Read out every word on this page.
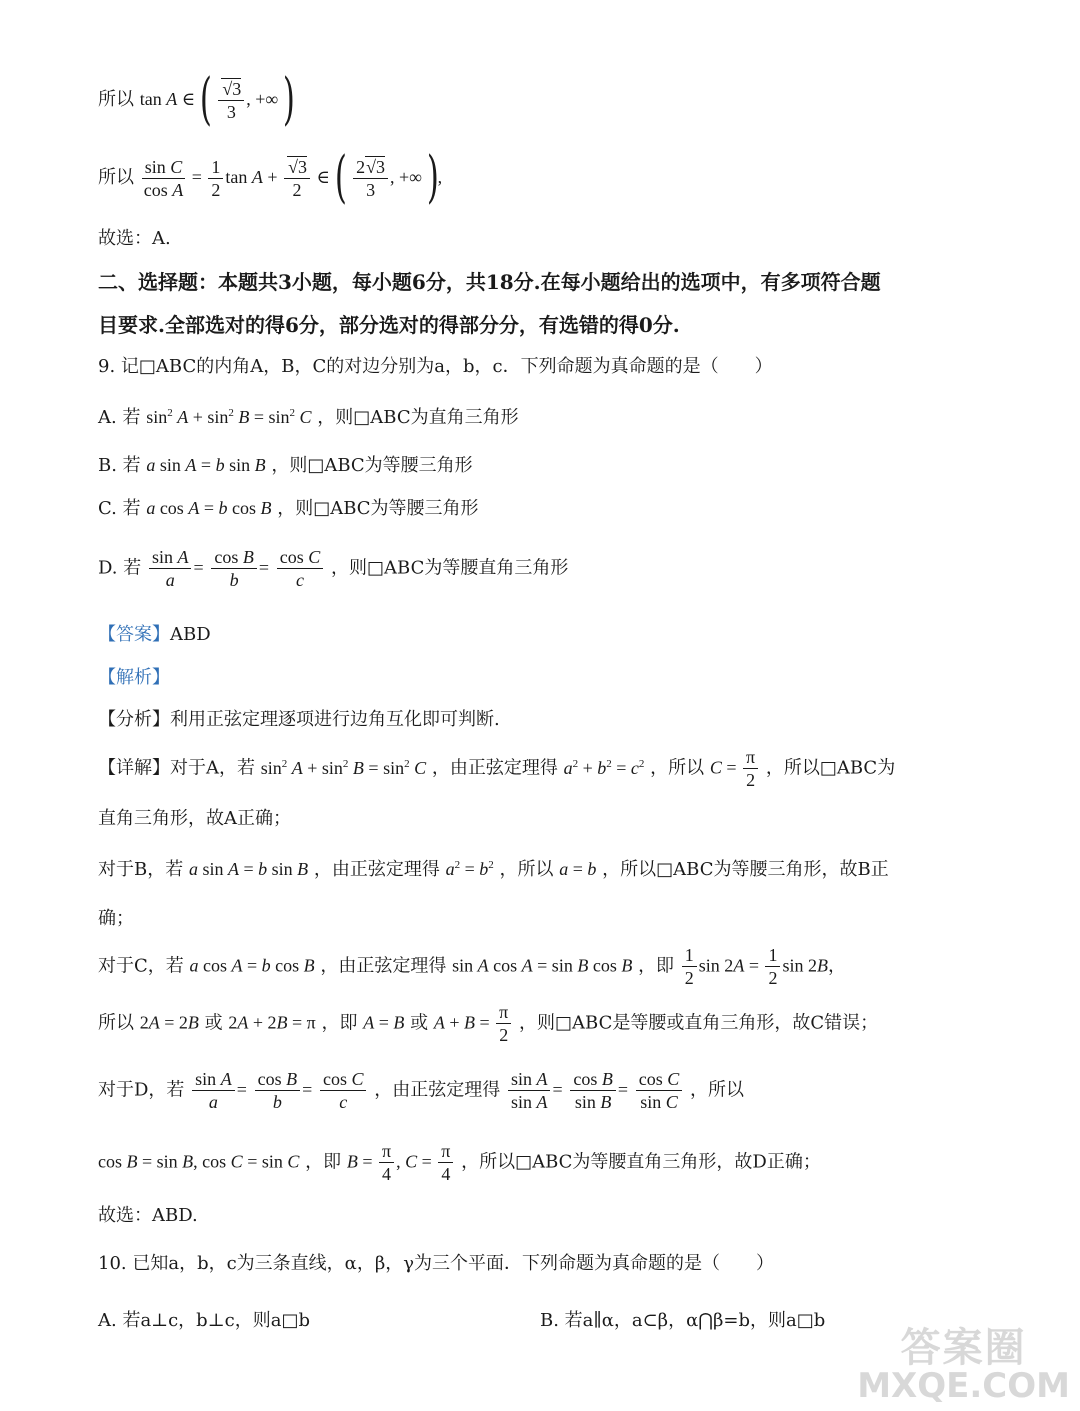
所以 tan A ∈ ( $\frac{√3}{3}$ , +∞ )
所以 $\frac{\text{sin C}}{\text{cos A}} = \frac{1}{2}$ $\tan A + \frac{√3}{2}$ ∈ ( $\frac{2√3}{3}$ , +∞ ),
故选：A.
二、选择题：本题共3小题，每小题6分，共18分.在每小题给出的选项中，有多项符合题
目要求.全部选对的得6分，部分选对的得部分分，有选错的得0分.
9. 记□ABC的内角A，B，C的对边分别为a，b，c．下列命题为真命题的是（　　）
A. 若 $\sin^2 A + \sin^2 B = \sin^2 C$ ，则□ABC为直角三角形
B. 若 a sin A = b sin B ，则□ABC为等腰三角形
C. 若 a cos A = b cos B ，则□ABC为等腰三角形
D. 若 $\frac{\text{sin A}}{a} = \frac{\text{cos B}}{b} = \frac{\text{cos C}}{c}$ ，则□ABC为等腰直角三角形
【答案】ABD
【解析】
【分析】利用正弦定理逐项进行边角互化即可判断.
【详解】对于A，若 $\sin^2 A + \sin^2 B = \sin^2 C$ ，由正弦定理得 $a^2 + b^2 = c^2$ ，所以 $C = \frac{\pi}{2}$ ，所以□ABC为
直角三角形，故A正确；
对于B，若 a sin A = b sin B ，由正弦定理得 $a^2 = b^2$ ，所以 a = b ，所以□ABC为等腰三角形，故B正
确；
对于C，若 a cos A = b cos B ，由正弦定理得 sin A cos A = sin B cos B ，即 $\frac{1}{2}$ $\sin 2A = \frac{1}{2}$ sin 2B，
所以 2A = 2B 或 2A + 2B = π ，即 A = B 或 $A + B = \frac{\pi}{2}$ ，则□ABC是等腰或直角三角形，故C错误；
对于D，若 $\frac{\text{sin A}}{a} = \frac{\text{cos B}}{b} = \frac{\text{cos C}}{c}$ ，由正弦定理得 $\frac{\text{sin A}}{\text{sin A}} = \frac{\text{cos B}}{\text{sin B}} = \frac{\text{cos C}}{\text{sin C}}$ ，所以
cos B = sin B, cos C = sin C ，即 $B = \frac{\pi}{4}$ , $C = \frac{\pi}{4}$ ，所以□ABC为等腰直角三角形，故D正确；
故选：ABD.
10. 已知a，b，c为三条直线，α，β，γ为三个平面．下列命题为真命题的是（　　）
A. 若a⊥c，b⊥c，则a□b	B. 若a∥α，a⊂β，α⋂β=b，则a□b
答案圈
MXQE.COM
